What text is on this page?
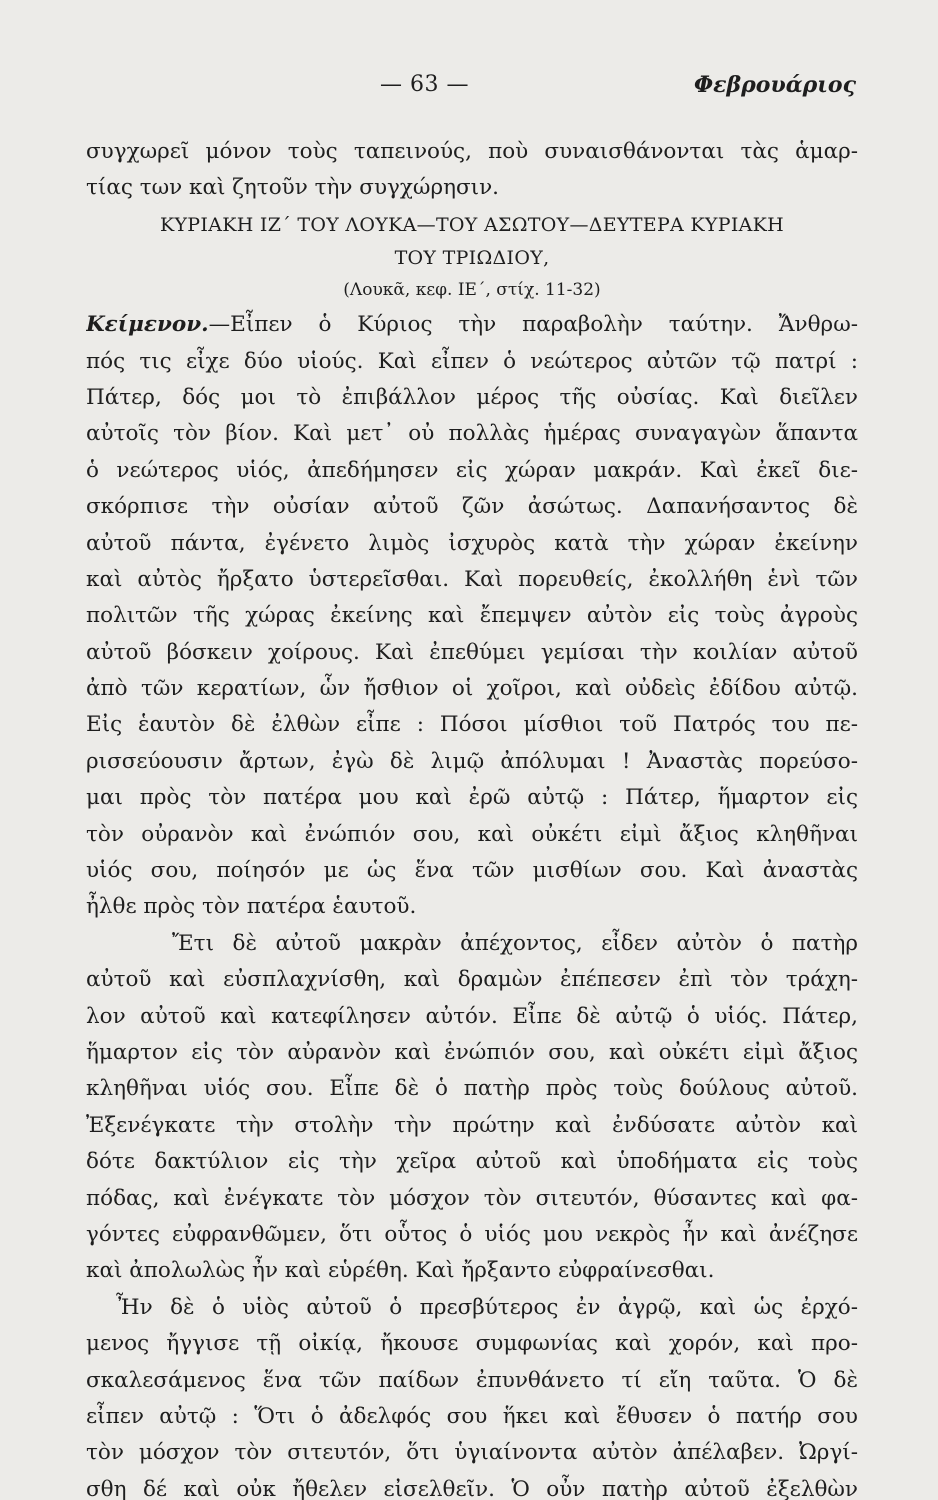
— 63 —	Φεβρουάριος
συγχωρεῖ μόνον τοὺς ταπεινούς, ποὺ συναισθάνονται τὰς ἁμαρ-
τίας των καὶ ζητοῦν τὴν συγχώρησιν.
ΚΥΡΙΑΚΗ ΙΖ΄ ΤΟΥ ΛΟΥΚΑ—ΤΟΥ ΑΣΩΤΟΥ—ΔΕΥΤΕΡΑ ΚΥΡΙΑΚΗ
ΤΟΥ ΤΡΙΩΔΙΟΥ,
(Λουκᾶ, κεφ. ΙΕ΄, στίχ. 11-32)
Κείμενον.—Εἶπεν ὁ Κύριος τὴν παραβολὴν ταύτην. Ἄνθρω-
πός τις εἶχε δύο υἱούς. Καὶ εἶπεν ὁ νεώτερος αὐτῶν τῷ πατρί :
Πάτερ, δός μοι τὸ ἐπιβάλλον μέρος τῆς οὐσίας. Καὶ διεῖλεν
αὐτοῖς τὸν βίον. Καὶ μετ᾽ οὐ πολλὰς ἡμέρας συναγαγὼν ἅπαντα
ὁ νεώτερος υἱός, ἀπεδήμησεν εἰς χώραν μακράν. Καὶ ἐκεῖ διε-
σκόρπισε τὴν οὐσίαν αὐτοῦ ζῶν ἀσώτως. Δαπανήσαντος δὲ
αὐτοῦ πάντα, ἐγένετο λιμὸς ἰσχυρὸς κατὰ τὴν χώραν ἐκείνην
καὶ αὐτὸς ἤρξατο ὑστερεῖσθαι. Καὶ πορευθείς, ἐκολλήθη ἑνὶ τῶν
πολιτῶν τῆς χώρας ἐκείνης καὶ ἔπεμψεν αὐτὸν εἰς τοὺς ἀγροὺς
αὐτοῦ βόσκειν χοίρους. Καὶ ἐπεθύμει γεμίσαι τὴν κοιλίαν αὐτοῦ
ἀπὸ τῶν κερατίων, ὧν ἤσθιον οἱ χοῖροι, καὶ οὐδεὶς ἐδίδου αὐτῷ.
Εἰς ἑαυτὸν δὲ ἐλθὼν εἶπε : Πόσοι μίσθιοι τοῦ Πατρός του πε-
ρισσεύουσιν ἄρτων, ἐγὼ δὲ λιμῷ ἀπόλυμαι ! Ἀναστὰς πορεύσο-
μαι πρὸς τὸν πατέρα μου καὶ ἐρῶ αὐτῷ : Πάτερ, ἥμαρτον εἰς
τὸν οὐρανὸν καὶ ἐνώπιόν σου, καὶ οὐκέτι εἰμὶ ἄξιος κληθῆναι
υἱός σου, ποίησόν με ὡς ἕνα τῶν μισθίων σου. Καὶ ἀναστὰς
ἦλθε πρὸς τὸν πατέρα ἑαυτοῦ.
Ἔτι δὲ αὐτοῦ μακρὰν ἀπέχοντος, εἶδεν αὐτὸν ὁ πατὴρ
αὐτοῦ καὶ εὐσπλαχνίσθη, καὶ δραμὼν ἐπέπεσεν ἐπὶ τὸν τράχη-
λον αὐτοῦ καὶ κατεφίλησεν αὐτόν. Εἶπε δὲ αὐτῷ ὁ υἱός. Πάτερ,
ἥμαρτον εἰς τὸν αὐρανὸν καὶ ἐνώπιόν σου, καὶ οὐκέτι εἰμὶ ἄξιος
κληθῆναι υἱός σου. Εἶπε δὲ ὁ πατὴρ πρὸς τοὺς δούλους αὐτοῦ.
Ἐξενέγκατε τὴν στολὴν τὴν πρώτην καὶ ἐνδύσατε αὐτὸν καὶ
δότε δακτύλιον εἰς τὴν χεῖρα αὐτοῦ καὶ ὑποδήματα εἰς τοὺς
πόδας, καὶ ἐνέγκατε τὸν μόσχον τὸν σιτευτόν, θύσαντες καὶ φα-
γόντες εὐφρανθῶμεν, ὅτι οὗτος ὁ υἱός μου νεκρὸς ἦν καὶ ἀνέζησε
καὶ ἀπολωλὼς ἦν καὶ εὑρέθη. Καὶ ἤρξαντο εὐφραίνεσθαι.
Ἦν δὲ ὁ υἱὸς αὐτοῦ ὁ πρεσβύτερος ἐν ἀγρῷ, καὶ ὡς ἐρχό-
μενος ἤγγισε τῇ οἰκίᾳ, ἤκουσε συμφωνίας καὶ χορόν, καὶ προ-
σκαλεσάμενος ἕνα τῶν παίδων ἐπυνθάνετο τί εἴη ταῦτα. Ὁ δὲ
εἶπεν αὐτῷ : Ὅτι ὁ ἀδελφός σου ἥκει καὶ ἔθυσεν ὁ πατήρ σου
τὸν μόσχον τὸν σιτευτόν, ὅτι ὑγιαίνοντα αὐτὸν ἀπέλαβεν. Ὠργί-
σθη δέ καὶ οὐκ ἤθελεν εἰσελθεῖν. Ὁ οὖν πατὴρ αὐτοῦ ἐξελθὼν
